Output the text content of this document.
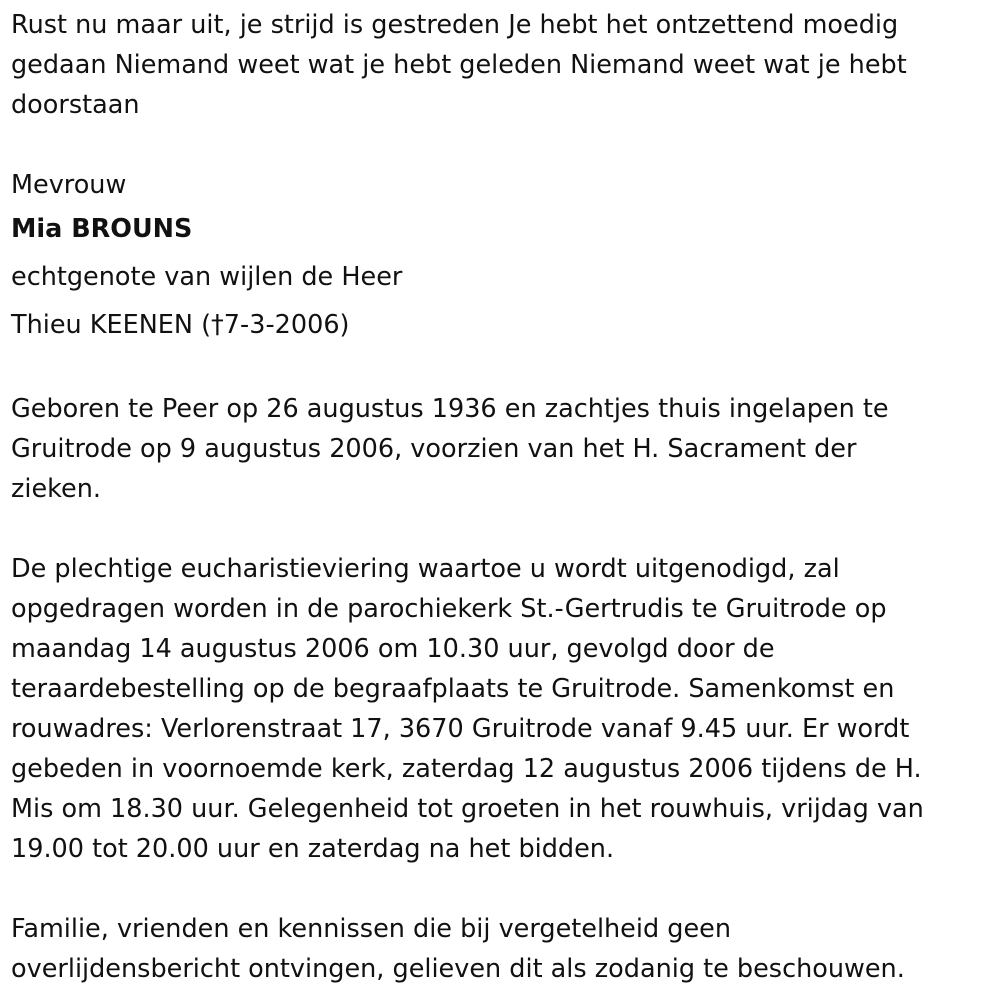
Rust nu maar uit, je strijd is gestreden Je hebt het ontzettend moedig
gedaan Niemand weet wat je hebt geleden Niemand weet wat je hebt
doorstaan

Mevrouw

Mia BROUNS

echtgenote van wijlen de Heer

Thieu KEENEN (†7-3-2006)

Geboren te Peer op 26 augustus 1936 en zachtjes thuis ingelapen te
Gruitrode op 9 augustus 2006, voorzien van het H. Sacrament der
zieken.

De plechtige eucharistieviering waartoe u wordt uitgenodigd, zal
opgedragen worden in de parochiekerk St.-Gertrudis te Gruitrode op
maandag 14 augustus 2006 om 10.30 uur, gevolgd door de
teraardebestelling op de begraafplaats te Gruitrode. Samenkomst en
rouwadres: Verlorenstraat 17, 3670 Gruitrode vanaf 9.45 uur. Er wordt
gebeden in voornoemde kerk, zaterdag 12 augustus 2006 tijdens de H.
Mis om 18.30 uur. Gelegenheid tot groeten in het rouwhuis, vrijdag van
19.00 tot 20.00 uur en zaterdag na het bidden.

Familie, vrienden en kennissen die bij vergetelheid geen
overlijdensbericht ontvingen, gelieven dit als zodanig te beschouwen.
